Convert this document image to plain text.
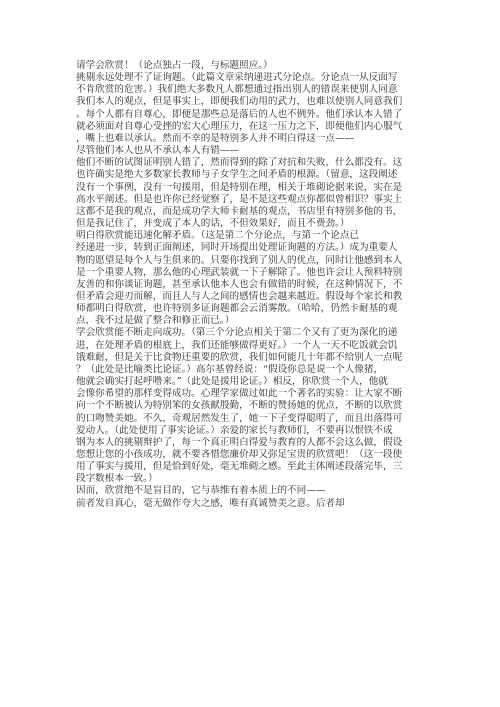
请学会欣赏！（论点独占一段，与标题照应。）
挑剔永远处理不了证询题。（此篇文章采纳递进式分论点。分论点一从反面写
不肯欣赏的危害。）我们绝大多数凡人都想通过指出别人的错误来使别人同意
我们本人的观点，但是事实上，即便我们动用的武力，也难以使别人同意我们
。每个人都有自尊心，即便是那些总是落后的人也不例外。他们承认本人错了
就必须面对自尊心受挫的宏大心理压力，在这一压力之下，即便他们内心服气
，嘴上也难以承认。然而不幸的是特别多人并不明白得这一点——
尽管他们本人也从不承认本人有错——
他们不断的试图证明别人错了，然而得到的除了对抗和失败，什么都没有。这
也许确实是绝大多数家长教师与子女学生之间矛盾的根源。（留意，这段阐述
没有一个事例，没有一句援用，但是特别在理，相关于堆砌论据来说，实在是
高水平阐述。但是也许你已经觉察了，是不是这些观点你都似曾相识？事实上
这都不是我的观点，而是成功学大师卡耐基的观点，书店里有特别多他的书，
但是我记住了，并变成了本人的话，不但效果好，而且不费劲。）
明白得欣赏能迅速化解矛盾。（这是第二个分论点，与第一个论点已
经递进一步，转到正面阐述，同时开场提出处理证询题的方法。）成为重要人
物的愿望是每个人与生俱来的。只要你找到了别人的优点，同时让他感到本人
是一个重要人物，那么他的心理武装就一下子解除了。他也许会让人预料特别
友善的和你谈证询题，甚至承认他本人也会有做错的时候，在这种情况下，不
但矛盾会迎刃而解，而且人与人之间的感情也会越来越近。假设每个家长和教
师都明白得欣赏，也许特别多证询题都会云消雾散。（哈哈，仍然卡耐基的观
点，我不过是做了整合和修正而已。）
学会欣赏能不断走向成功。（第三个分论点相关于第二个又有了更为深化的递
进，在处理矛盾的根底上，我们还能够做得更好。）一个人一天不吃饭就会饥
饿难耐，但是关于比食物还重要的欣赏，我们如何能几十年都不给别人一点呢
？（此处是比喻类比论证。）高尔基曾经说：“假设你总是说一个人像猪，
他就会确实打起呼噜来。”（此处是援用论证。）相反，你欣赏一个人，他就
会像你希望的那样变得成功。心理学家做过如此一个著名的实验：让大家不断
向一个不断被认为特别笨的女孩献殷勤，不断的赞扬她的优点，不断的以欣赏
的口吻赞美她。不久，奇观居然发生了，她一下子变得聪明了，而且出落得可
爱动人。（此处使用了事实论证。）亲爱的家长与教师们，不要再以恨铁不成
钢为本人的挑剔辩护了，每一个真正明白得爱与教育的人都不会这么做，假设
您想让您的小孩成功，就不要吝惜您廉价却又弥足宝贵的欣赏吧！（这一段使
用了事实与援用，但是恰到好处，毫无堆砌之感。至此主体阐述段落完毕，三
段字数根本一致。）
因而，欣赏绝不是盲目的，它与恭维有着本质上的不同——
前者发自真心，毫无做作夸大之感，唯有真诚赞美之意。后者却
